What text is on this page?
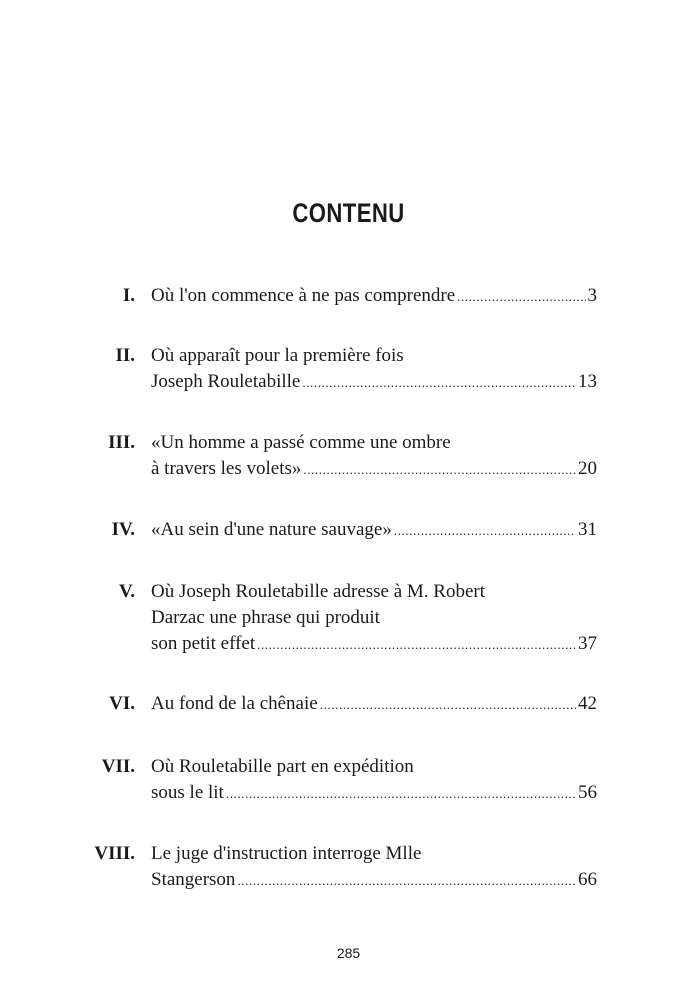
CONTENU
I. Où l'on commence à ne pas comprendre .....	3
II. Où apparaît pour la première fois
Joseph Rouletabille .....	13
III. «Un homme a passé comme une ombre
à travers les volets» .....	20
IV. «Au sein d'une nature sauvage» .....	31
V. Où Joseph Rouletabille adresse à M. Robert
Darzac une phrase qui produit
son petit effet .....	37
VI. Au fond de la chênaie .....	42
VII. Où Rouletabille part en expédition
sous le lit .....	56
VIII. Le juge d'instruction interroge Mlle
Stangerson .....	66
285
